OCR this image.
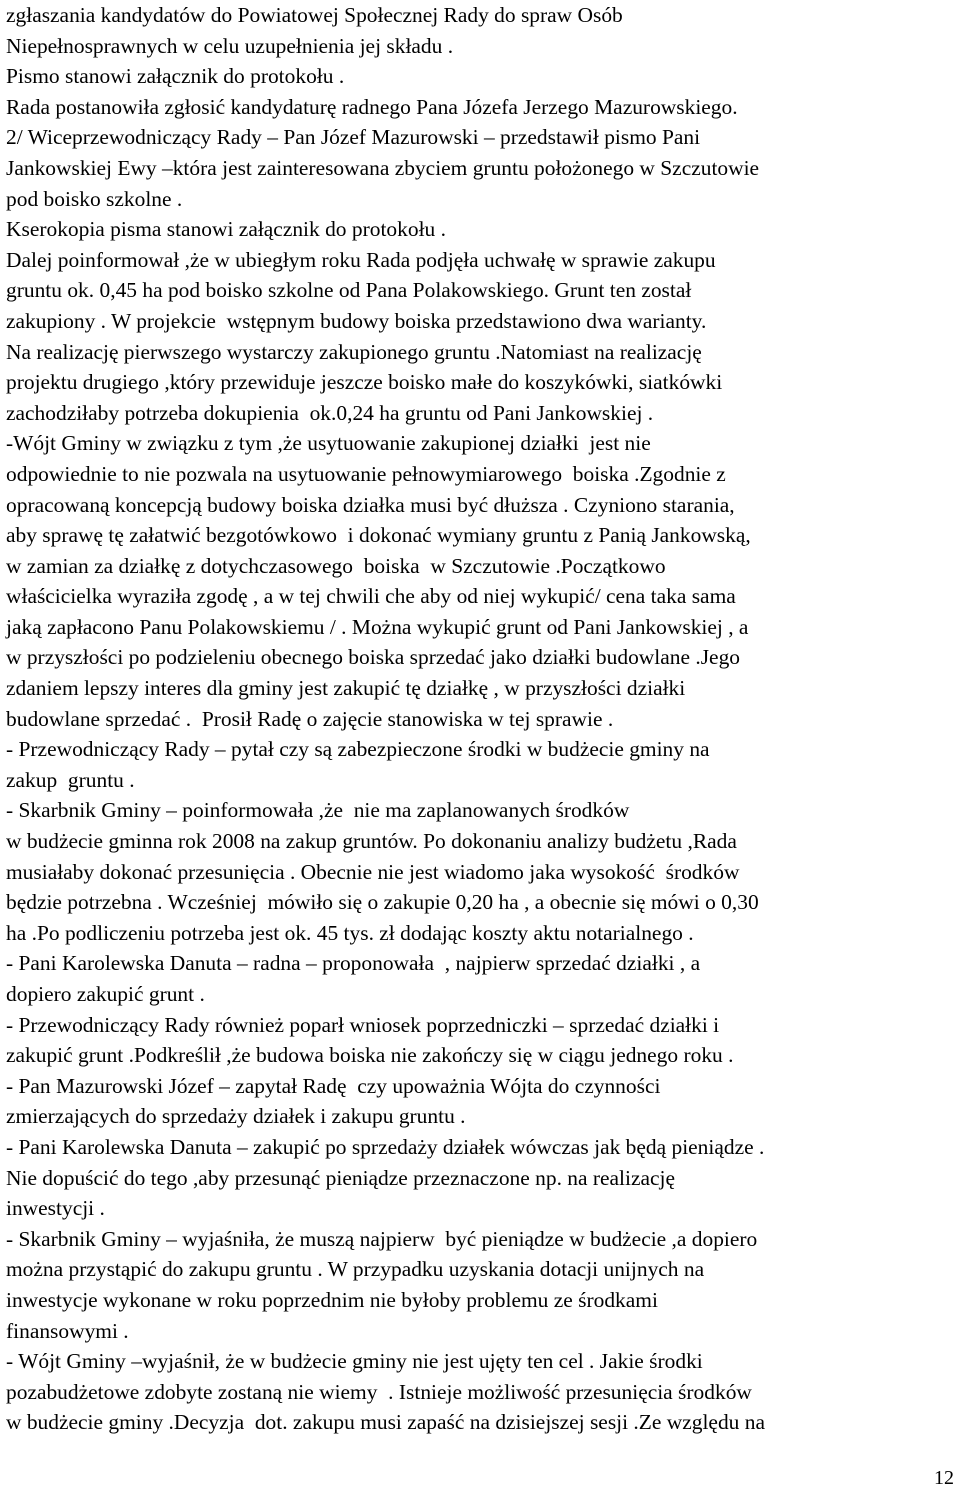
zgłaszania kandydatów do Powiatowej Społecznej Rady do spraw Osób
Niepełnosprawnych w celu uzupełnienia jej składu .
Pismo stanowi załącznik do protokołu .
Rada postanowiła zgłosić kandydaturę radnego Pana Józefa Jerzego Mazurowskiego.
2/ Wiceprzewodniczący Rady – Pan Józef Mazurowski – przedstawił pismo Pani
Jankowskiej Ewy –która jest zainteresowana zbyciem gruntu położonego w Szczutowie
pod boisko szkolne .
Kserokopia pisma stanowi załącznik do protokołu .
Dalej poinformował ,że w ubiegłym roku Rada podjęła uchwałę w sprawie zakupu
gruntu ok. 0,45 ha pod boisko szkolne od Pana Polakowskiego. Grunt ten został
zakupiony . W projekcie  wstępnym budowy boiska przedstawiono dwa warianty.
Na realizację pierwszego wystarczy zakupionego gruntu .Natomiast na realizację
projektu drugiego ,który przewiduje jeszcze boisko małe do koszykówki, siatkówki
zachodziłaby potrzeba dokupienia  ok.0,24 ha gruntu od Pani Jankowskiej .
-Wójt Gminy w związku z tym ,że usytuowanie zakupionej działki  jest nie
odpowiednie to nie pozwala na usytuowanie pełnowymiarowego  boiska .Zgodnie z
opracowaną koncepcją budowy boiska działka musi być dłuższa . Czyniono starania,
aby sprawę tę załatwić bezgotówkowo  i dokonać wymiany gruntu z Panią Jankowską,
w zamian za działkę z dotychczasowego  boiska  w Szczutowie .Początkowo
właścicielka wyraziła zgodę , a w tej chwili che aby od niej wykupić/ cena taka sama
jaką zapłacono Panu Polakowskiemu / . Można wykupić grunt od Pani Jankowskiej , a
w przyszłości po podzieleniu obecnego boiska sprzedać jako działki budowlane .Jego
zdaniem lepszy interes dla gminy jest zakupić tę działkę , w przyszłości działki
budowlane sprzedać .  Prosił Radę o zajęcie stanowiska w tej sprawie .
- Przewodniczący Rady – pytał czy są zabezpieczone środki w budżecie gminy na
zakup  gruntu .
- Skarbnik Gminy – poinformowała ,że  nie ma zaplanowanych środków
w budżecie gminna rok 2008 na zakup gruntów. Po dokonaniu analizy budżetu ,Rada
musiałaby dokonać przesunięcia . Obecnie nie jest wiadomo jaka wysokość  środków
będzie potrzebna . Wcześniej  mówiło się o zakupie 0,20 ha , a obecnie się mówi o 0,30
ha .Po podliczeniu potrzeba jest ok. 45 tys. zł dodając koszty aktu notarialnego .
- Pani Karolewska Danuta – radna – proponowała  , najpierw sprzedać działki , a
dopiero zakupić grunt .
- Przewodniczący Rady również poparł wniosek poprzedniczki – sprzedać działki i
zakupić grunt .Podkreślił ,że budowa boiska nie zakończy się w ciągu jednego roku .
- Pan Mazurowski Józef – zapytał Radę  czy upoważnia Wójta do czynności
zmierzających do sprzedaży działek i zakupu gruntu .
- Pani Karolewska Danuta – zakupić po sprzedaży działek wówczas jak będą pieniądze .
Nie dopuścić do tego ,aby przesunąć pieniądze przeznaczone np. na realizację
inwestycji .
- Skarbnik Gminy – wyjaśniła, że muszą najpierw  być pieniądze w budżecie ,a dopiero
można przystąpić do zakupu gruntu . W przypadku uzyskania dotacji unijnych na
inwestycje wykonane w roku poprzednim nie byłoby problemu ze środkami
finansowymi .
- Wójt Gminy –wyjaśnił, że w budżecie gminy nie jest ujęty ten cel . Jakie środki
pozabudżetowe zdobyte zostaną nie wiemy  . Istnieje możliwość przesunięcia środków
w budżecie gminy .Decyzja  dot. zakupu musi zapaść na dzisiejszej sesji .Ze względu na
12
